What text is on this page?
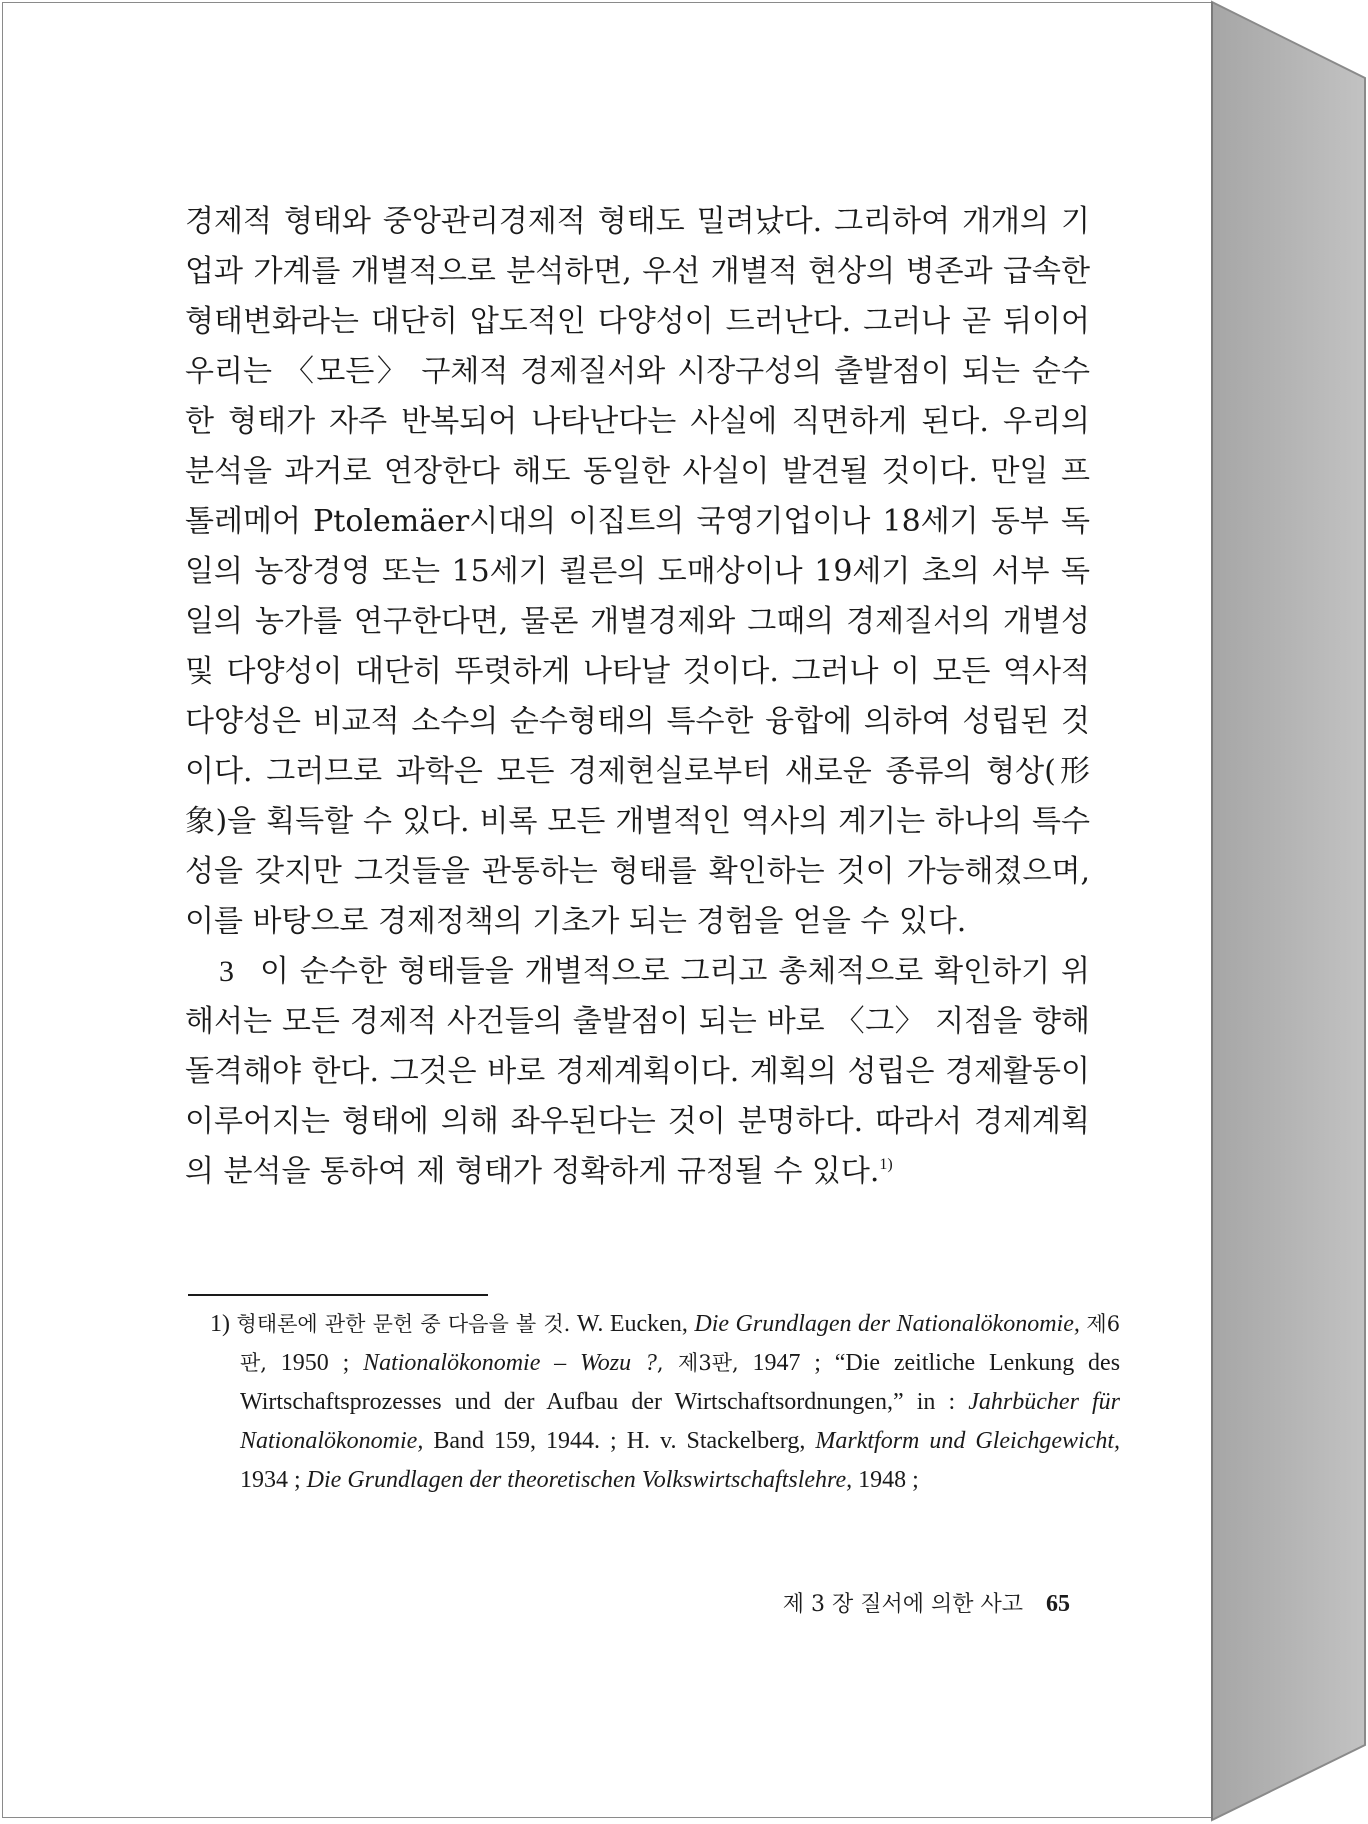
경제적 형태와 중앙관리경제적 형태도 밀려났다. 그리하여 개개의 기업과 가계를 개별적으로 분석하면, 우선 개별적 현상의 병존과 급속한 형태변화라는 대단히 압도적인 다양성이 드러난다. 그러나 곧 뒤이어 우리는 〈모든〉 구체적 경제질서와 시장구성의 출발점이 되는 순수한 형태가 자주 반복되어 나타난다는 사실에 직면하게 된다. 우리의 분석을 과거로 연장한다 해도 동일한 사실이 발견될 것이다. 만일 프톨레메어 Ptolemäer시대의 이집트의 국영기업이나 18세기 동부 독일의 농장경영 또는 15세기 쾰른의 도매상이나 19세기 초의 서부 독일의 농가를 연구한다면, 물론 개별경제와 그때의 경제질서의 개별성 및 다양성이 대단히 뚜렷하게 나타날 것이다. 그러나 이 모든 역사적 다양성은 비교적 소수의 순수형태의 특수한 융합에 의하여 성립된 것이다. 그러므로 과학은 모든 경제현실로부터 새로운 종류의 형상(形象)을 획득할 수 있다. 비록 모든 개별적인 역사의 계기는 하나의 특수성을 갖지만 그것들을 관통하는 형태를 확인하는 것이 가능해졌으며, 이를 바탕으로 경제정책의 기초가 되는 경험을 얻을 수 있다.

3 이 순수한 형태들을 개별적으로 그리고 총체적으로 확인하기 위해서는 모든 경제적 사건들의 출발점이 되는 바로 〈그〉 지점을 향해 돌격해야 한다. 그것은 바로 경제계획이다. 계획의 성립은 경제활동이 이루어지는 형태에 의해 좌우된다는 것이 분명하다. 따라서 경제계획의 분석을 통하여 제 형태가 정확하게 규정될 수 있다.$^{1)}$

1) 형태론에 관한 문헌 중 다음을 볼 것. W. Eucken, Die Grundlagen der Nationalökonomie, 제6판, 1950 ; Nationalökonomie – Wozu ?, 제3판, 1947 ; “Die zeitliche Lenkung des Wirtschaftsprozesses und der Aufbau der Wirtschaftsordnungen,” in : Jahrbücher für Nationalökonomie, Band 159, 1944. ; H. v. Stackelberg, Marktform und Gleichgewicht, 1934 ; Die Grundlagen der theoretischen Volkswirtschaftslehre, 1948 ;

제 3 장 질서에 의한 사고 65
